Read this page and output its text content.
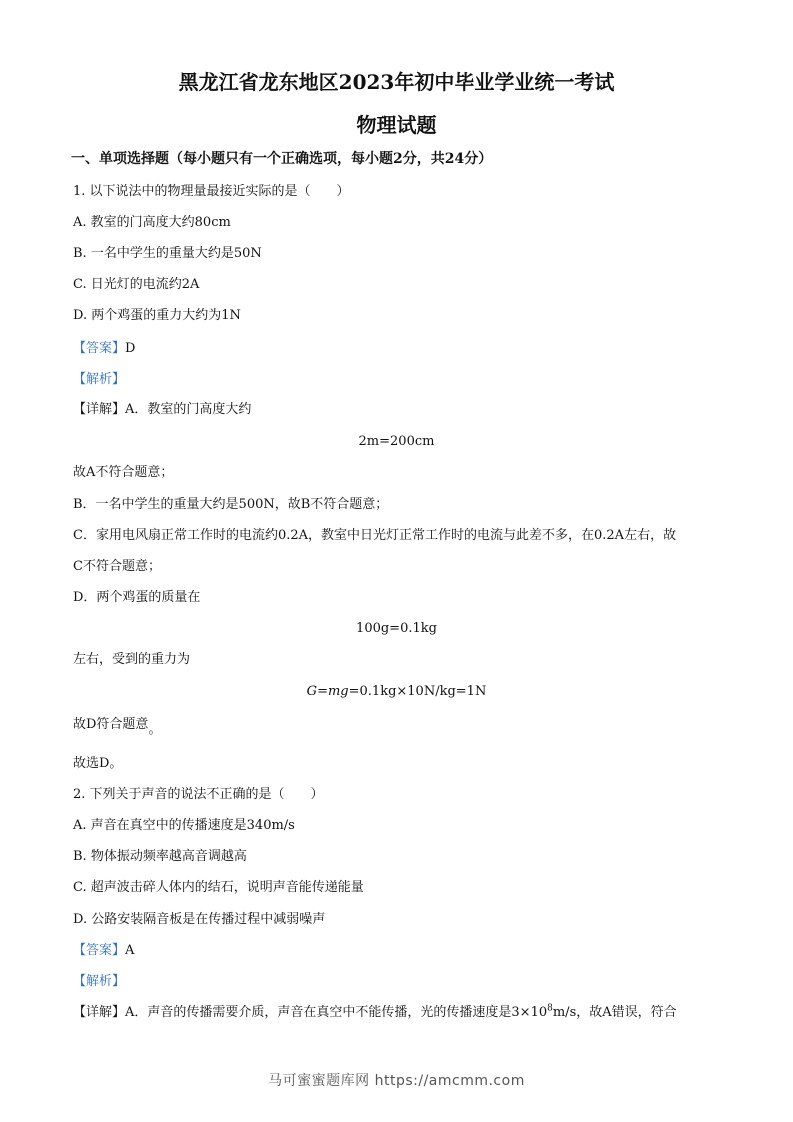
黑龙江省龙东地区2023年初中毕业学业统一考试
物理试题
一、单项选择题（每小题只有一个正确选项，每小题2分，共24分）
1. 以下说法中的物理量最接近实际的是（　　）
A. 教室的门高度大约80cm
B. 一名中学生的重量大约是50N
C. 日光灯的电流约2A
D. 两个鸡蛋的重力大约为1N
【答案】D
【解析】
【详解】A．教室的门高度大约
2m=200cm
故A不符合题意；
B．一名中学生的重量大约是500N，故B不符合题意；
C．家用电风扇正常工作时的电流约0.2A，教室中日光灯正常工作时的电流与此差不多，在0.2A左右，故
C不符合题意；
D．两个鸡蛋的质量在
100g=0.1kg
左右，受到的重力为
G=mg=0.1kg×10N/kg=1N
故D符合题意。
故选D。
2. 下列关于声音的说法不正确的是（　　）
A. 声音在真空中的传播速度是340m/s
B. 物体振动频率越高音调越高
C. 超声波击碎人体内的结石，说明声音能传递能量
D. 公路安装隔音板是在传播过程中减弱噪声
【答案】A
【解析】
【详解】A．声音的传播需要介质，声音在真空中不能传播，光的传播速度是$3\times 10^8m/s$，故A错误，符合
马可蜜蜜题库网 https://amcmm.com
